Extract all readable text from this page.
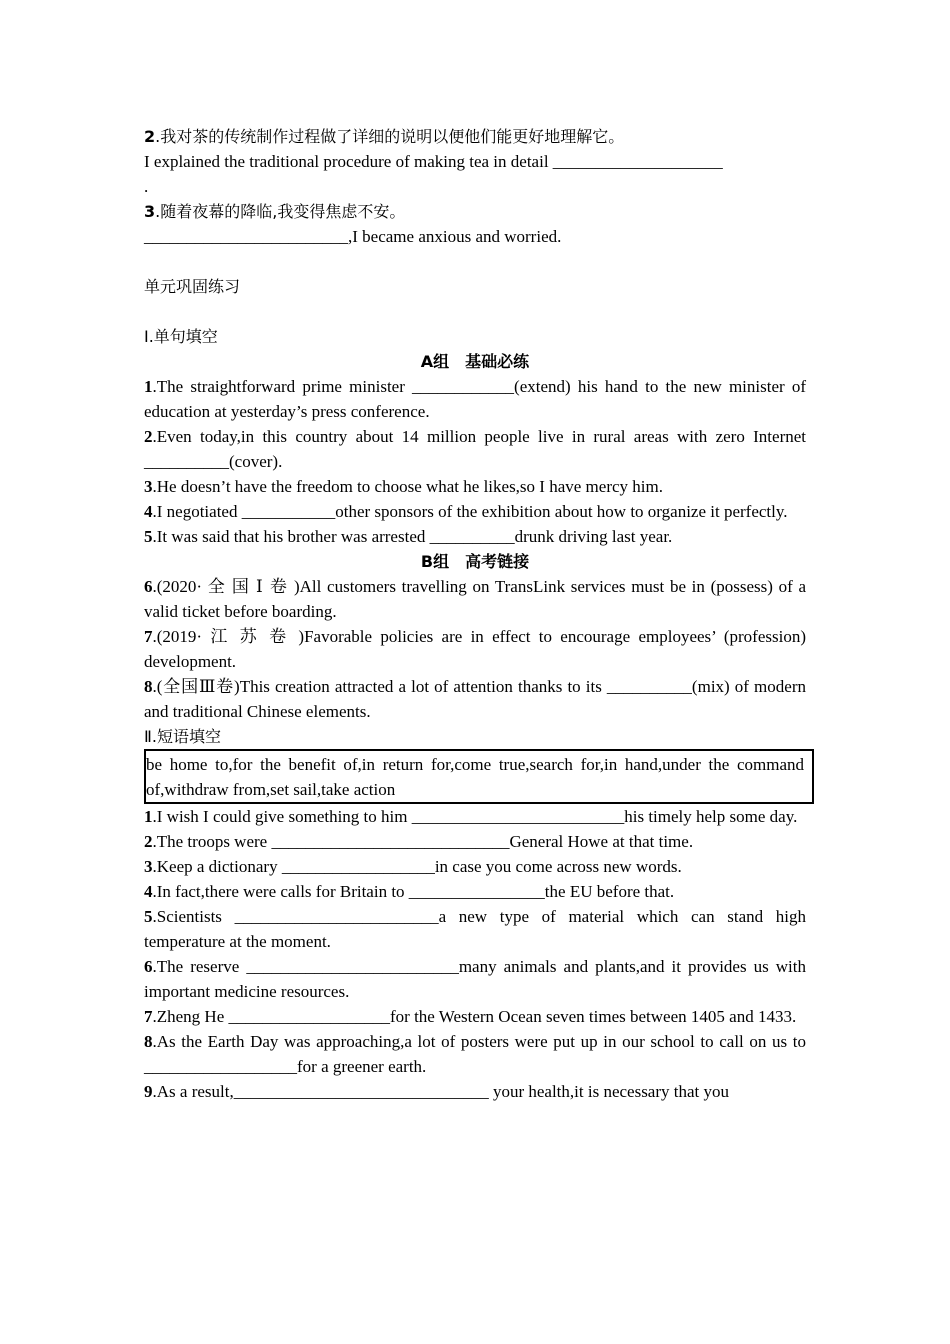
2.我对茶的传统制作过程做了详细的说明以便他们能更好地理解它。
I explained the traditional procedure of making tea in detail ____________________
.
3.随着夜幕的降临,我变得焦虑不安。
________________________,I became anxious and worried.
单元巩固练习
Ⅰ.单句填空
A组　基础必练
1.The straightforward prime minister ____________(extend) his hand to the new minister of education at yesterday’s press conference.
2.Even today,in this country about 14 million people live in rural areas with zero Internet __________(cover).
3.He doesn’t have the freedom to choose what he likes,so I have mercy him.
4.I negotiated ___________other sponsors of the exhibition about how to organize it perfectly.
5.It was said that his brother was arrested __________drunk driving last year.
B组　高考链接
6.(2020· 全 国 Ⅰ 卷 )All customers travelling on TransLink services must be in (possess) of a valid ticket before boarding.
7.(2019· 江 苏 卷 )Favorable policies are in effect to encourage employees’ (profession) development.
8.(全国Ⅲ卷)This creation attracted a lot of attention thanks to its __________(mix) of modern and traditional Chinese elements.
Ⅱ.短语填空
be home to,for the benefit of,in return for,come true,search for,in hand,under the command of,withdraw from,set sail,take action
1.I wish I could give something to him _________________________his timely help some day.
2.The troops were ____________________________General Howe at that time.
3.Keep a dictionary __________________in case you come across new words.
4.In fact,there were calls for Britain to ________________the EU before that.
5.Scientists ________________________a new type of material which can stand high temperature at the moment.
6.The reserve _________________________many animals and plants,and it provides us with important medicine resources.
7.Zheng He ___________________for the Western Ocean seven times between 1405 and 1433.
8.As the Earth Day was approaching,a lot of posters were put up in our school to call on us to __________________for a greener earth.
9.As a result,______________________________ your health,it is necessary that you
